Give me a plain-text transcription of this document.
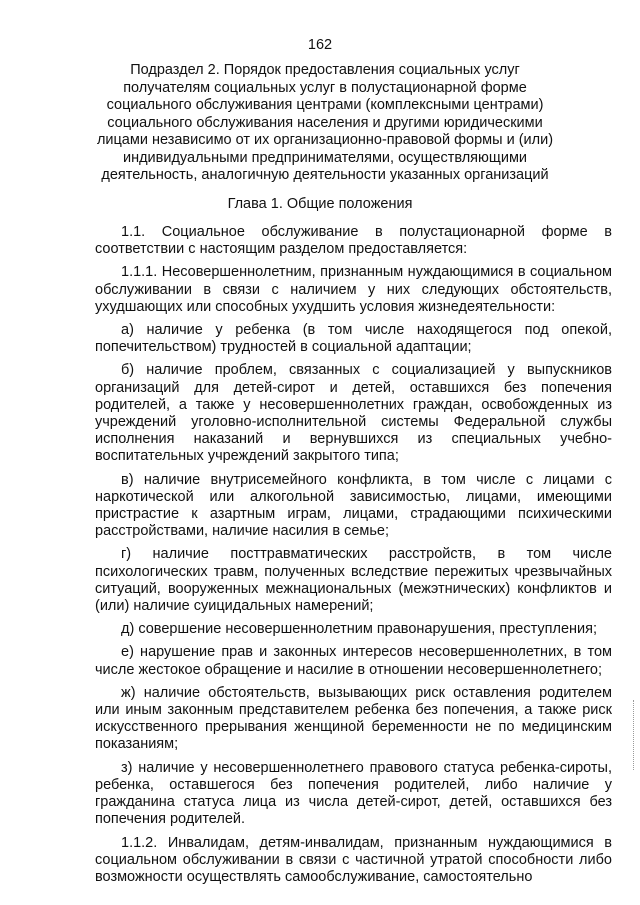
162
Подраздел 2. Порядок предоставления социальных услуг получателям социальных услуг в полустационарной форме социального обслуживания центрами (комплексными центрами) социального обслуживания населения и другими юридическими лицами независимо от их организационно-правовой формы и (или) индивидуальными предпринимателями, осуществляющими деятельность, аналогичную деятельности указанных организаций
Глава 1. Общие положения

1.1. Социальное обслуживание в полустационарной форме в соответствии с настоящим разделом предоставляется:

1.1.1. Несовершеннолетним, признанным нуждающимися в социальном обслуживании в связи с наличием у них следующих обстоятельств, ухудшающих или способных ухудшить условия жизнедеятельности:

а) наличие у ребенка (в том числе находящегося под опекой, попечительством) трудностей в социальной адаптации;

б) наличие проблем, связанных с социализацией у выпускников организаций для детей-сирот и детей, оставшихся без попечения родителей, а также у несовершеннолетних граждан, освобожденных из учреждений уголовно-исполнительной системы Федеральной службы исполнения наказаний и вернувшихся из специальных учебно-воспитательных учреждений закрытого типа;

в) наличие внутрисемейного конфликта, в том числе с лицами с наркотической или алкогольной зависимостью, лицами, имеющими пристрастие к азартным играм, лицами, страдающими психическими расстройствами, наличие насилия в семье;

г) наличие посттравматических расстройств, в том числе психологических травм, полученных вследствие пережитых чрезвычайных ситуаций, вооруженных межнациональных (межэтнических) конфликтов и (или) наличие суицидальных намерений;

д) совершение несовершеннолетним правонарушения, преступления;

е) нарушение прав и законных интересов несовершеннолетних, в том числе жестокое обращение и насилие в отношении несовершеннолетнего;

ж) наличие обстоятельств, вызывающих риск оставления родителем или иным законным представителем ребенка без попечения, а также риск искусственного прерывания женщиной беременности не по медицинским показаниям;

з) наличие у несовершеннолетнего правового статуса ребенка-сироты, ребенка, оставшегося без попечения родителей, либо наличие у гражданина статуса лица из числа детей-сирот, детей, оставшихся без попечения родителей.

1.1.2. Инвалидам, детям-инвалидам, признанным нуждающимися в социальном обслуживании в связи с частичной утратой способности либо возможности осуществлять самообслуживание, самостоятельно
